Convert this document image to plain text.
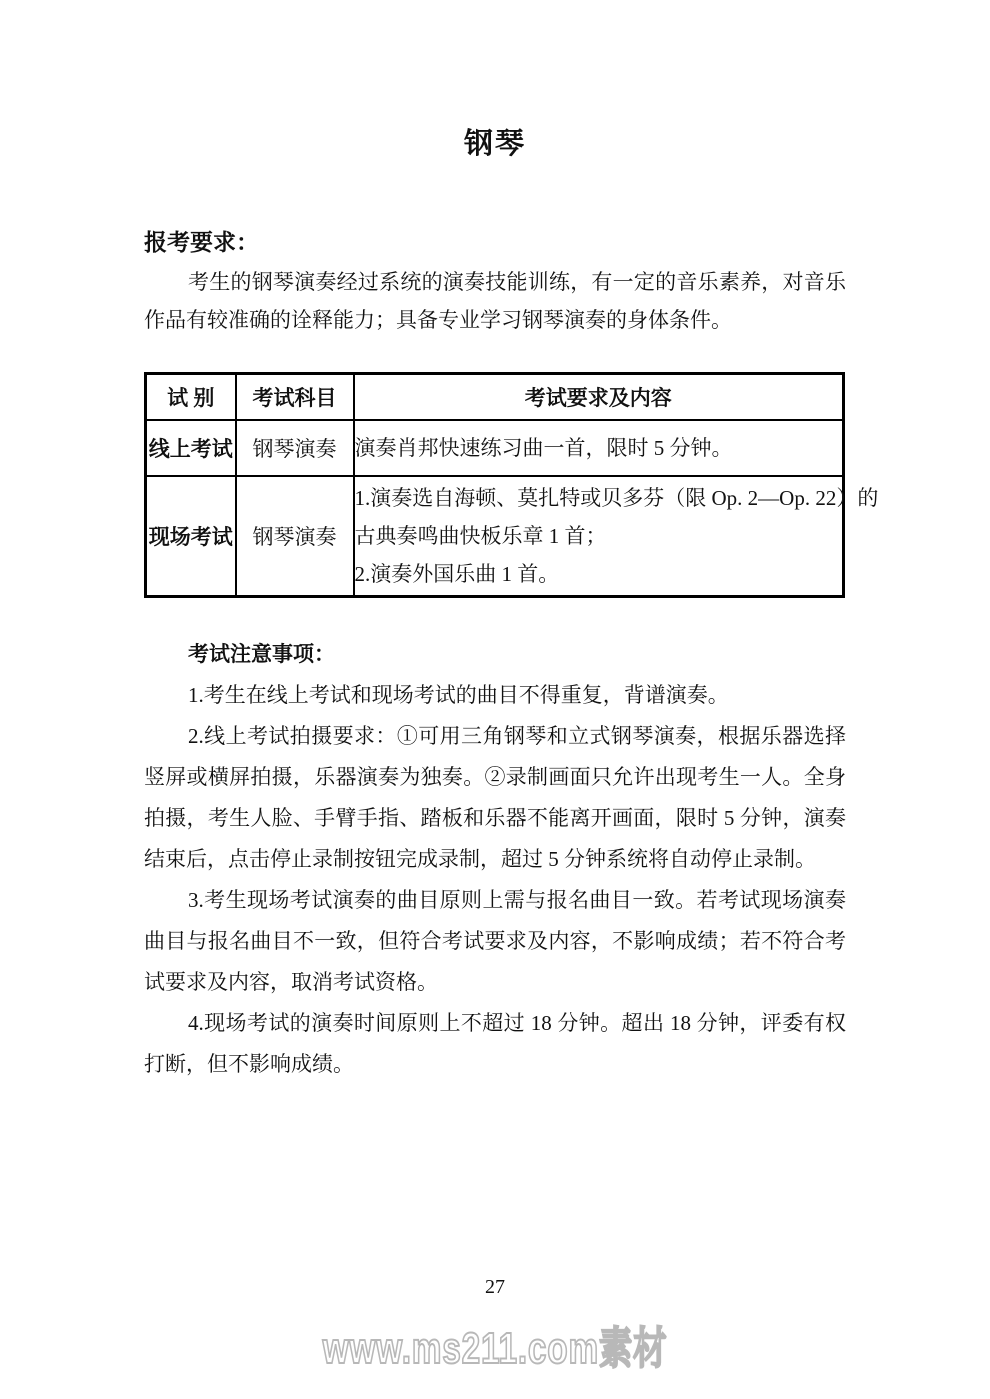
钢琴
报考要求：

考生的钢琴演奏经过系统的演奏技能训练，有一定的音乐素养，对音乐作品有较准确的诠释能力；具备专业学习钢琴演奏的身体条件。

试 别	考试科目	考试要求及内容
线上考试	钢琴演奏	演奏肖邦快速练习曲一首，限时 5 分钟。

现场考试	钢琴演奏	1.演奏选自海顿、莫扎特或贝多芬（限 Op. 2—Op. 22）的
古典奏鸣曲快板乐章 1 首；
2.演奏外国乐曲 1 首。

考试注意事项：

1.考生在线上考试和现场考试的曲目不得重复，背谱演奏。

2.线上考试拍摄要求：①可用三角钢琴和立式钢琴演奏，根据乐器选择竖屏或横屏拍摄，乐器演奏为独奏。②录制画面只允许出现考生一人。全身拍摄，考生人脸、手臂手指、踏板和乐器不能离开画面，限时 5 分钟，演奏结束后，点击停止录制按钮完成录制，超过 5 分钟系统将自动停止录制。

3.考生现场考试演奏的曲目原则上需与报名曲目一致。若考试现场演奏曲目与报名曲目不一致，但符合考试要求及内容，不影响成绩；若不符合考试要求及内容，取消考试资格。

4.现场考试的演奏时间原则上不超过 18 分钟。超出 18 分钟，评委有权打断，但不影响成绩。

27
www.ms211.com素材
